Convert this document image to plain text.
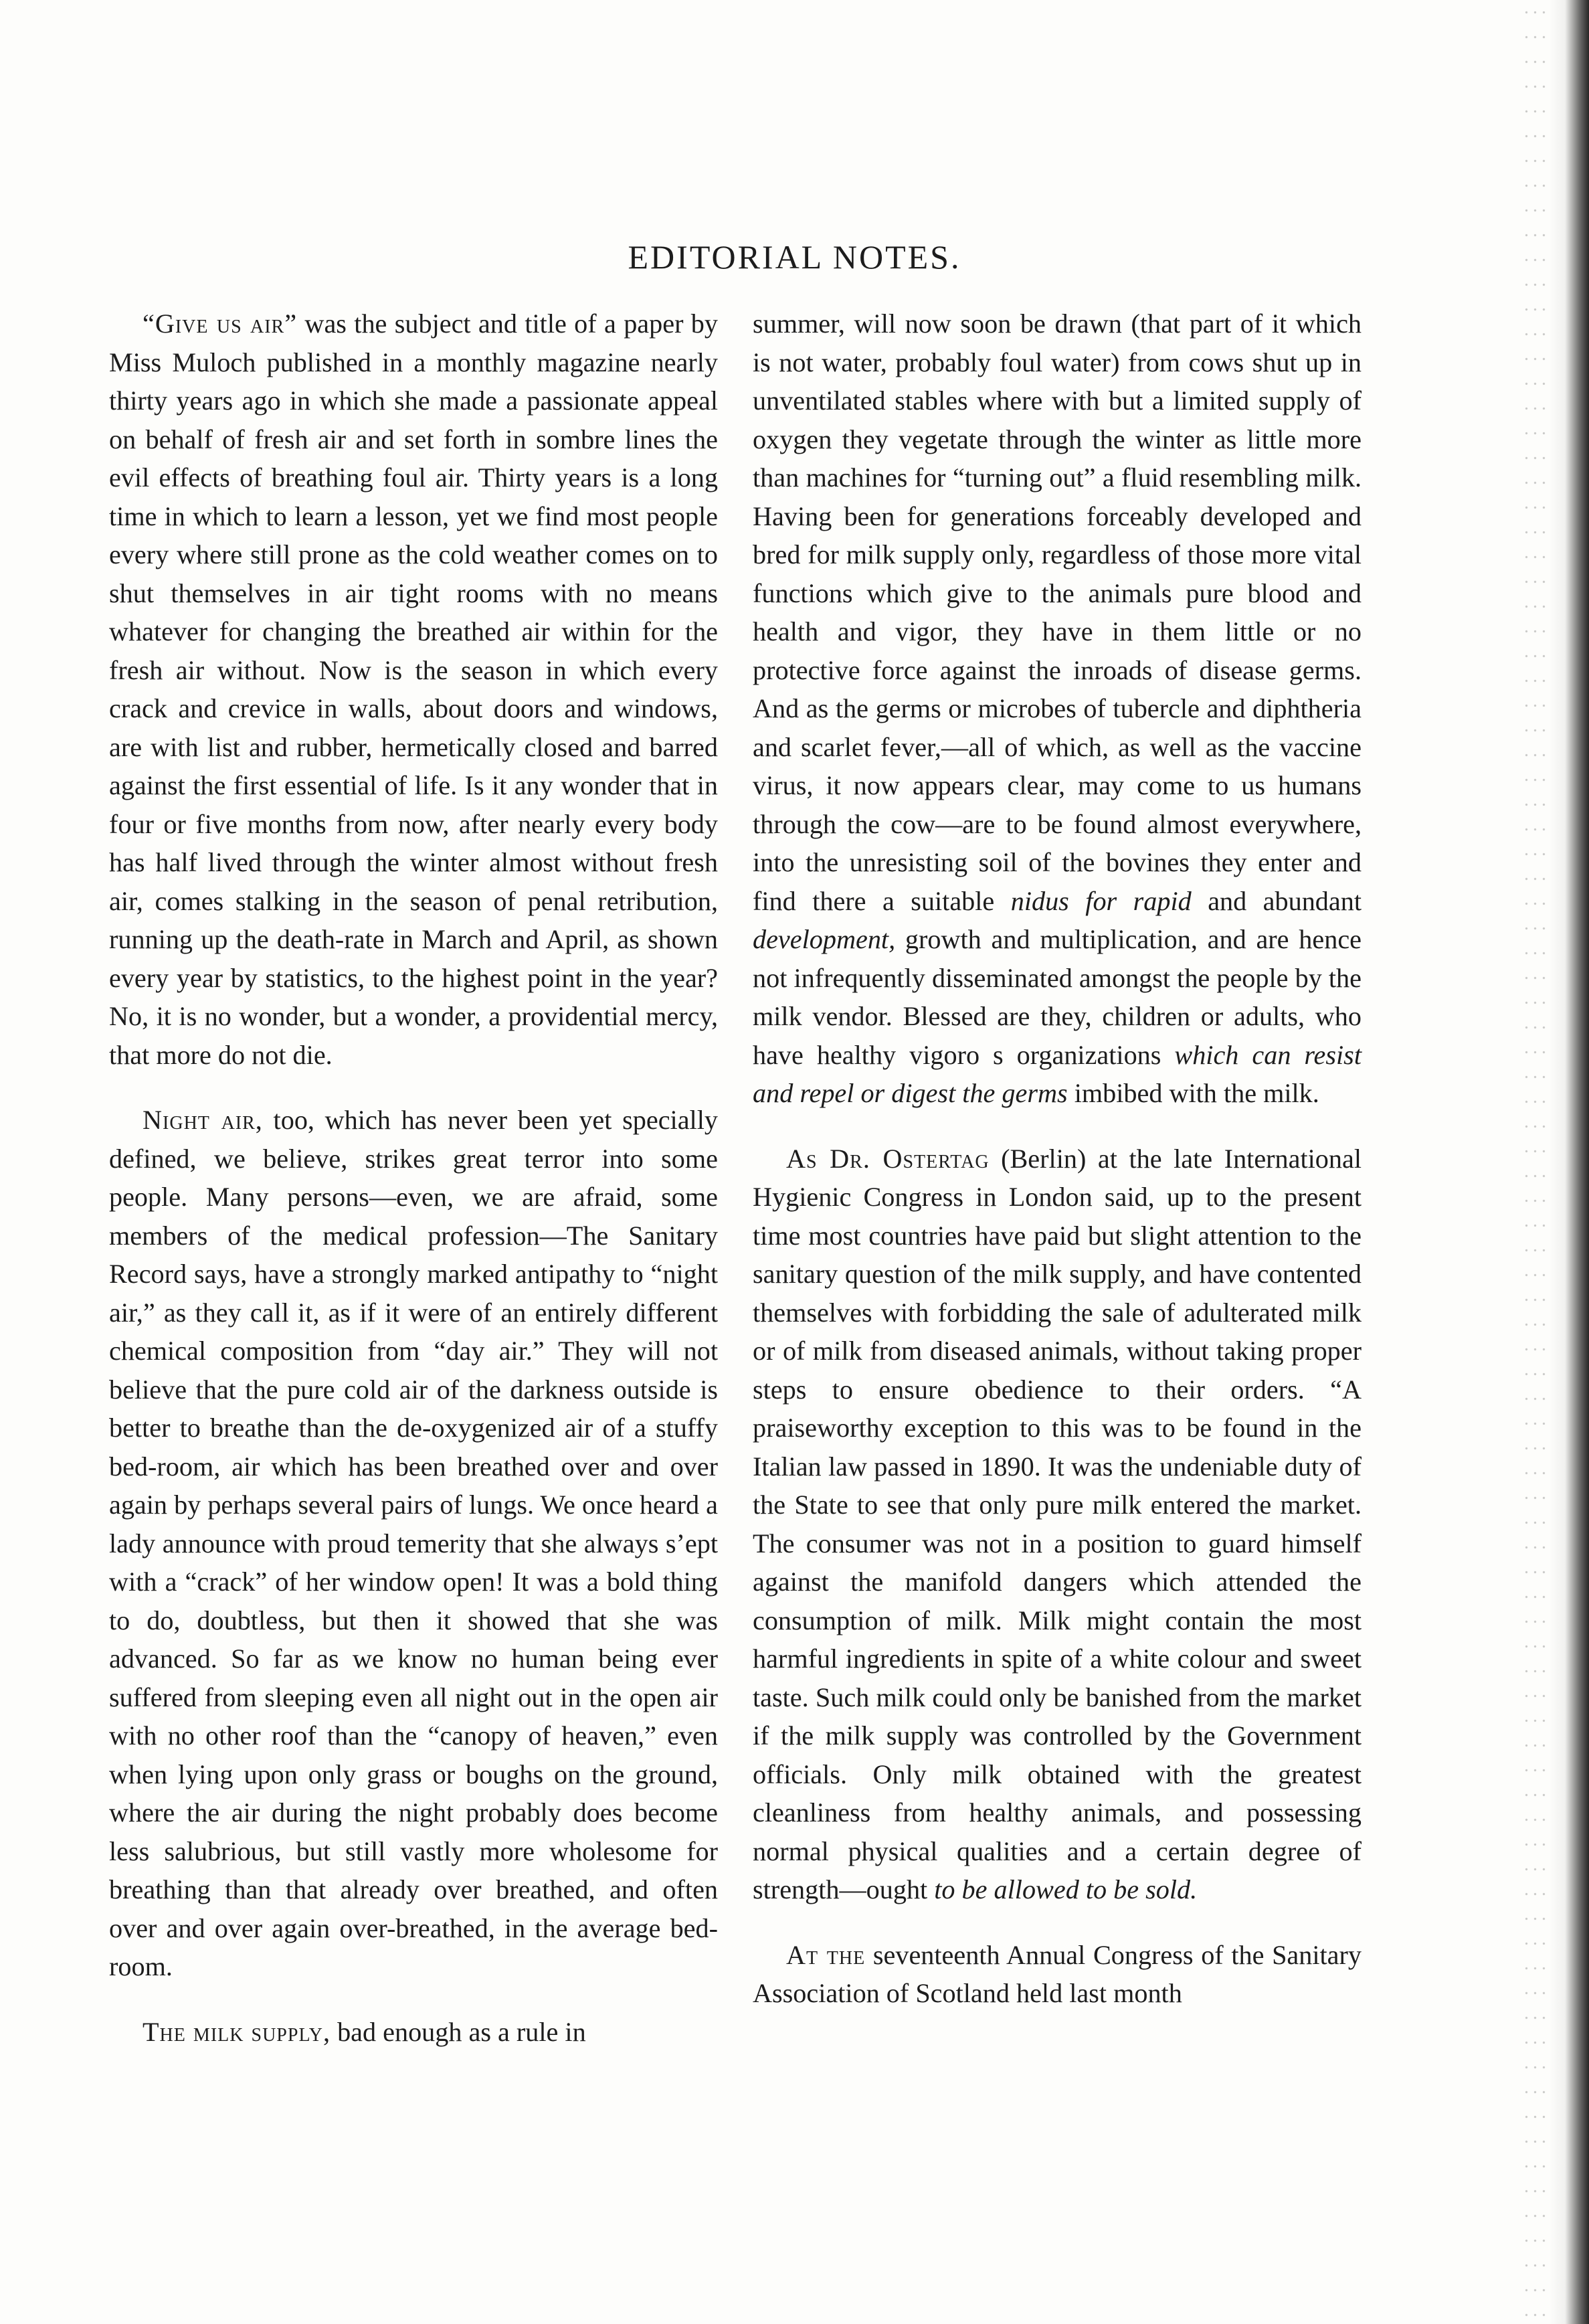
EDITORIAL NOTES.

“Give us air” was the subject and title of a paper by Miss Muloch published in a monthly magazine nearly thirty years ago in which she made a passionate appeal on behalf of fresh air and set forth in sombre lines the evil effects of breathing foul air. Thirty years is a long time in which to learn a lesson, yet we find most people every where still prone as the cold weather comes on to shut themselves in air tight rooms with no means whatever for changing the breathed air within for the fresh air without. Now is the season in which every crack and crevice in walls, about doors and windows, are with list and rubber, hermetically closed and barred against the first essential of life. Is it any wonder that in four or five months from now, after nearly every body has half lived through the winter almost without fresh air, comes stalking in the season of penal retribution, running up the death-rate in March and April, as shown every year by statistics, to the highest point in the year? No, it is no wonder, but a wonder, a providential mercy, that more do not die.

Night air, too, which has never been yet specially defined, we believe, strikes great terror into some people. Many persons—even, we are afraid, some members of the medical profession—The Sanitary Record says, have a strongly marked antipathy to “night air,” as they call it, as if it were of an entirely different chemical composition from “day air.” They will not believe that the pure cold air of the darkness outside is better to breathe than the de-oxygenized air of a stuffy bed-room, air which has been breathed over and over again by perhaps several pairs of lungs. We once heard a lady announce with proud temerity that she always s’ept with a “crack” of her window open! It was a bold thing to do, doubtless, but then it showed that she was advanced. So far as we know no human being ever suffered from sleeping even all night out in the open air with no other roof than the “canopy of heaven,” even when lying upon only grass or boughs on the ground, where the air during the night probably does become less salubrious, but still vastly more wholesome for breathing than that already over breathed, and often over and over again over-breathed, in the average bed-room.

The milk supply, bad enough as a rule in

summer, will now soon be drawn (that part of it which is not water, probably foul water) from cows shut up in unventilated stables where with but a limited supply of oxygen they vegetate through the winter as little more than machines for “turning out” a fluid resembling milk. Having been for generations forceably developed and bred for milk supply only, regardless of those more vital functions which give to the animals pure blood and health and vigor, they have in them little or no protective force against the inroads of disease germs. And as the germs or microbes of tubercle and diphtheria and scarlet fever,—all of which, as well as the vaccine virus, it now appears clear, may come to us humans through the cow—are to be found almost everywhere, into the unresisting soil of the bovines they enter and find there a suitable nidus for rapid and abundant development, growth and multiplication, and are hence not infrequently disseminated amongst the people by the milk vendor. Blessed are they, children or adults, who have healthy vigoro s organizations which can resist and repel or digest the germs imbibed with the milk.

As Dr. Ostertag (Berlin) at the late International Hygienic Congress in London said, up to the present time most countries have paid but slight attention to the sanitary question of the milk supply, and have contented themselves with forbidding the sale of adulterated milk or of milk from diseased animals, without taking proper steps to ensure obedience to their orders. “A praiseworthy exception to this was to be found in the Italian law passed in 1890. It was the undeniable duty of the State to see that only pure milk entered the market. The consumer was not in a position to guard himself against the manifold dangers which attended the consumption of milk. Milk might contain the most harmful ingredients in spite of a white colour and sweet taste. Such milk could only be banished from the market if the milk supply was controlled by the Government officials. Only milk obtained with the greatest cleanliness from healthy animals, and possessing normal physical qualities and a certain degree of strength—ought to be allowed to be sold.

At the seventeenth Annual Congress of the Sanitary Association of Scotland held last month
